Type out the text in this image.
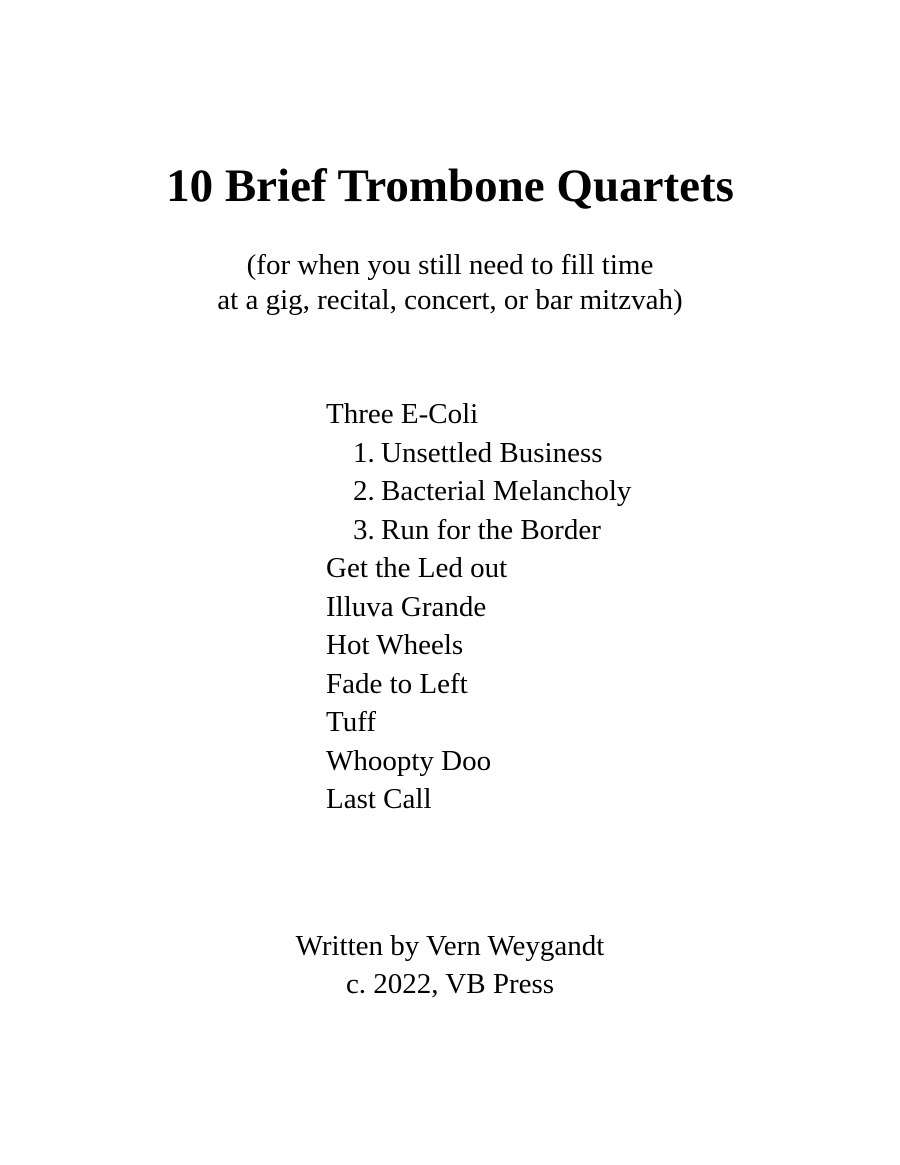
10 Brief Trombone Quartets
(for when you still need to fill time
at a gig, recital, concert, or bar mitzvah)
Three E-Coli
1. Unsettled Business
2. Bacterial Melancholy
3. Run for the Border
Get the Led out
Illuva Grande
Hot Wheels
Fade to Left
Tuff
Whoopty Doo
Last Call
Written by Vern Weygandt
c. 2022, VB Press
